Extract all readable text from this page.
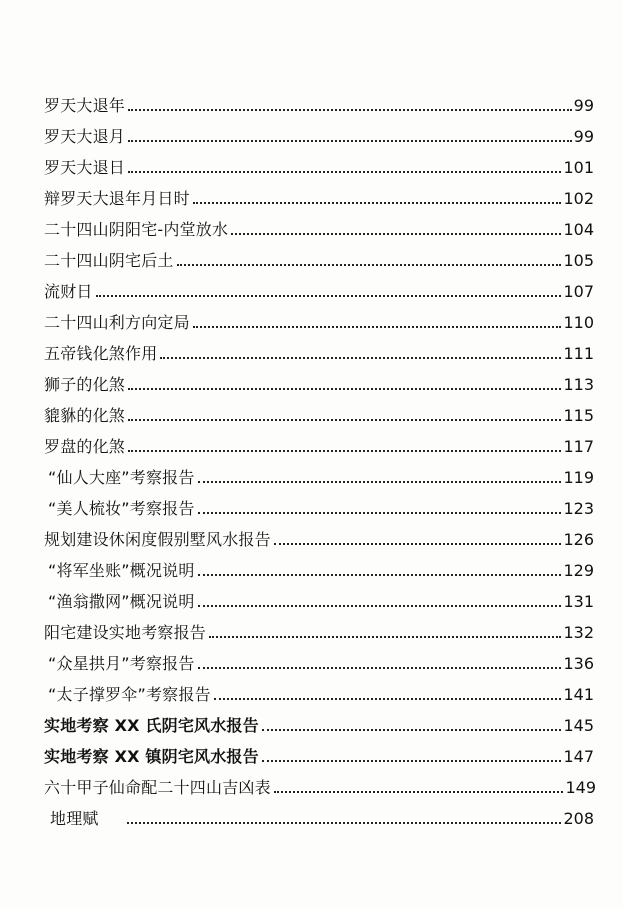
罗天大退年	99
罗天大退月	99
罗天大退日	101
辩罗天大退年月日时	102
二十四山阴阳宅-内堂放水	104
二十四山阴宅后土	105
流财日	107
二十四山利方向定局	110
五帝钱化煞作用	111
狮子的化煞	113
貔貅的化煞	115
罗盘的化煞	117
“仙人大座”考察报告	119
“美人梳妆”考察报告	123
规划建设休闲度假别墅风水报告	126
“将军坐账”概况说明	129
“渔翁撒网”概况说明	131
阳宅建设实地考察报告	132
“众星拱月”考察报告	136
“太子撑罗伞”考察报告	141
实地考察 XX 氏阴宅风水报告	145
实地考察 XX 镇阴宅风水报告	147
六十甲子仙命配二十四山吉凶表	149
地理赋	208
